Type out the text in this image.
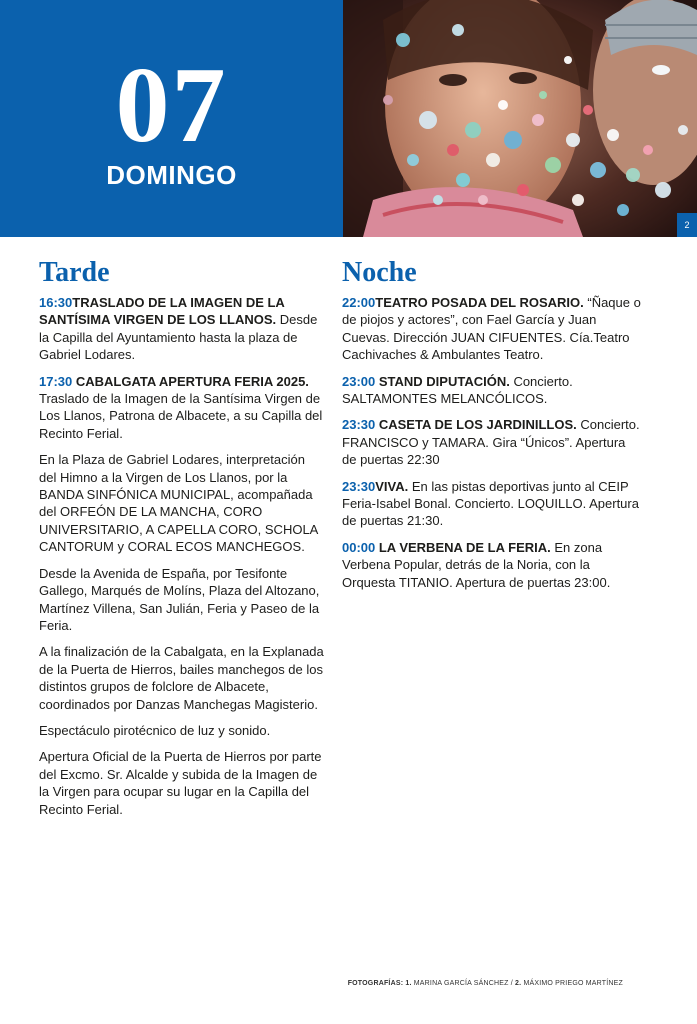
07
DOMINGO
2
Tarde

16:30TRASLADO DE LA IMAGEN DE LA SANTÍSIMA VIRGEN DE LOS LLANOS. Desde la Capilla del Ayuntamiento hasta la plaza de Gabriel Lodares.

17:30 CABALGATA APERTURA FERIA 2025. Traslado de la Imagen de la Santísima Virgen de Los Llanos, Patrona de Albacete, a su Capilla del Recinto Ferial.

En la Plaza de Gabriel Lodares, interpretación del Himno a la Virgen de Los Llanos, por la BANDA SINFÓNICA MUNICIPAL, acompañada del ORFEÓN DE LA MANCHA, CORO UNIVERSITARIO, A CAPELLA CORO, SCHOLA CANTORUM y CORAL ECOS MANCHEGOS.

Desde la Avenida de España, por Tesifonte Gallego, Marqués de Molíns, Plaza del Altozano, Martínez Villena, San Julián, Feria y Paseo de la Feria.

A la finalización de la Cabalgata, en la Explanada de la Puerta de Hierros, bailes manchegos de los distintos grupos de folclore de Albacete, coordinados por Danzas Manchegas Magisterio.

Espectáculo pirotécnico de luz y sonido.

Apertura Oficial de la Puerta de Hierros por parte del Excmo. Sr. Alcalde y subida de la Imagen de la Virgen para ocupar su lugar en la Capilla del Recinto Ferial.

Noche

22:00TEATRO POSADA DEL ROSARIO. “Ñaque o de piojos y actores”, con Fael García y Juan Cuevas. Dirección JUAN CIFUENTES. Cía.Teatro Cachivaches & Ambulantes Teatro.

23:00 STAND DIPUTACIÓN. Concierto. SALTAMONTES MELANCÓLICOS.

23:30 CASETA DE LOS JARDINILLOS. Concierto. FRANCISCO y TAMARA. Gira “Únicos”. Apertura de puertas 22:30

23:30VIVA. En las pistas deportivas junto al CEIP Feria-Isabel Bonal. Concierto. LOQUILLO. Apertura de puertas 21:30.

00:00 LA VERBENA DE LA FERIA. En zona Verbena Popular, detrás de la Noria, con la Orquesta TITANIO. Apertura de puertas 23:00.

FOTOGRAFÍAS: 1. MARINA GARCÍA SÁNCHEZ / 2. MÁXIMO PRIEGO MARTÍNEZ
